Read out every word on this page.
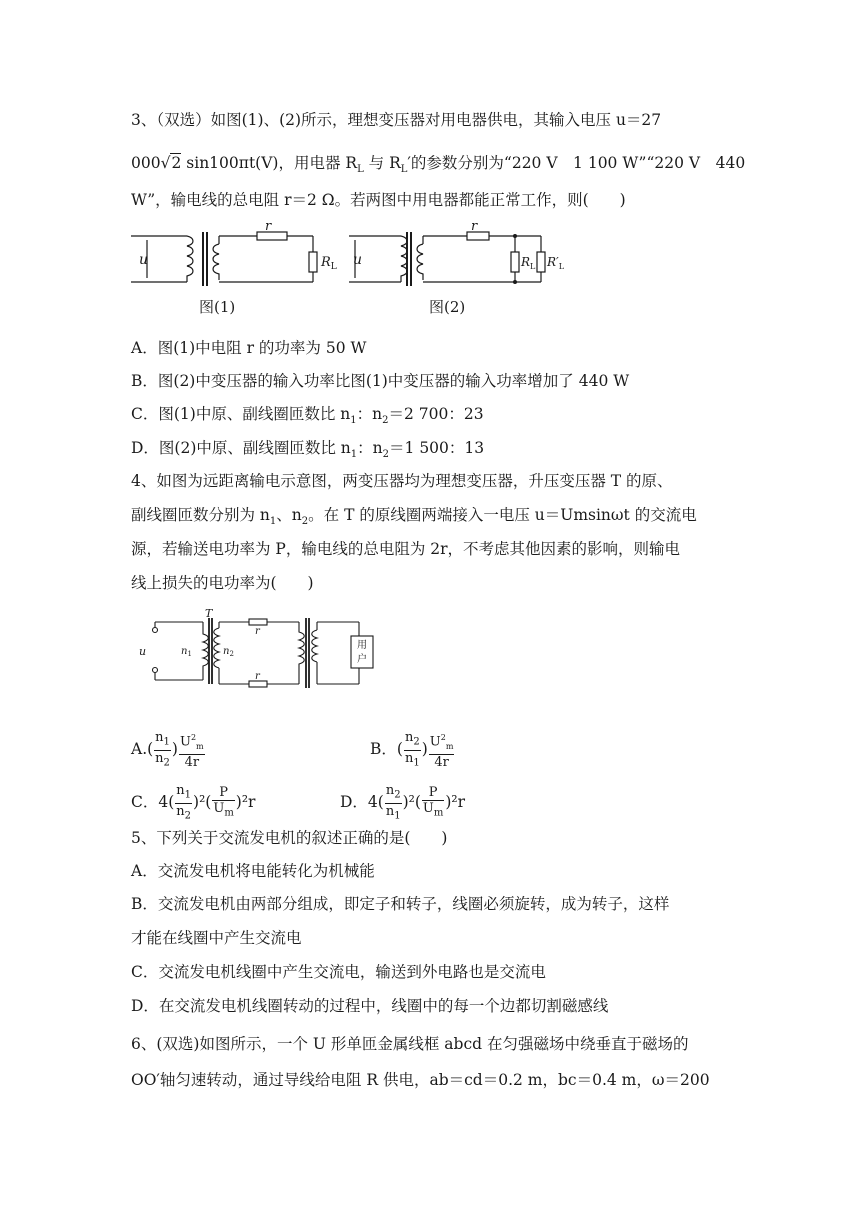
3、（双选）如图(1)、(2)所示，理想变压器对用电器供电，其输入电压 u＝27
000√2 sin100πt(V)，用电器 $R_L$ 与 $R_L'$的参数分别为“220 V　1 100 W”“220 V　440
W”，输电线的总电阻 r＝2 Ω。若两图中用电器都能正常工作，则(　　)
u
r
$R_L$
图(1)
u
r
$R_L$ $R'_L$
图(2)
A．图(1)中电阻 r 的功率为 50 W
B．图(2)中变压器的输入功率比图(1)中变压器的输入功率增加了 440 W
C．图(1)中原、副线圈匝数比 $n_1$：$n_2=2$ 700：23
D．图(2)中原、副线圈匝数比 $n_1$：$n_2=1$ 500：13
4、如图为远距离输电示意图，两变压器均为理想变压器，升压变压器 T 的原、
副线圈匝数分别为 $n_1$、$n_2$。在 T 的原线圈两端接入一电压 u＝Umsinωt 的交流电
源，若输送电功率为 P，输电线的总电阻为 2r，不考虑其他因素的影响，则输电
线上损失的电功率为(　　)
T
u	$n_1$	$n_2$
r
r
用
户
$A.( \frac{n_1}{n_2}$ ) $\frac{U^2_m}{4r}$	B．( $\frac{n_2}{n_1}$ ) $\frac{U^2_m}{4r}$
C．$4( \frac{n_1}{n_2} )^2( \frac{P}{U_m} )^2r$	D．$4( \frac{n_2}{n_1} )^2( \frac{P}{U_m} )^2r$
5、下列关于交流发电机的叙述正确的是(　　)
A．交流发电机将电能转化为机械能
B．交流发电机由两部分组成，即定子和转子，线圈必须旋转，成为转子，这样
才能在线圈中产生交流电
C．交流发电机线圈中产生交流电，输送到外电路也是交流电
D．在交流发电机线圈转动的过程中，线圈中的每一个边都切割磁感线
6、(双选)如图所示，一个 U 形单匝金属线框 abcd 在匀强磁场中绕垂直于磁场的
OO′轴匀速转动，通过导线给电阻 R 供电，ab＝cd＝0.2 m，bc＝0.4 m，ω＝200
